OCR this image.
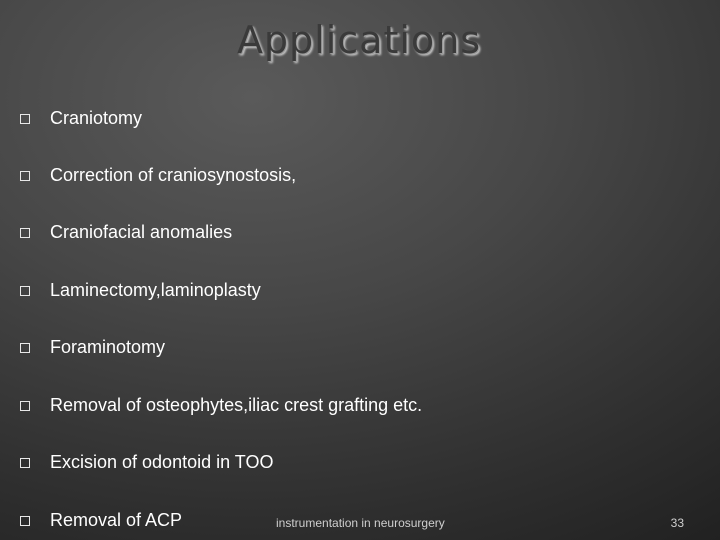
Applications
Craniotomy
Correction of craniosynostosis,
Craniofacial anomalies
Laminectomy,laminoplasty
Foraminotomy
Removal of osteophytes,iliac crest grafting etc.
Excision of odontoid in TOO
Removal of ACP	instrumentation in neurosurgery	33
